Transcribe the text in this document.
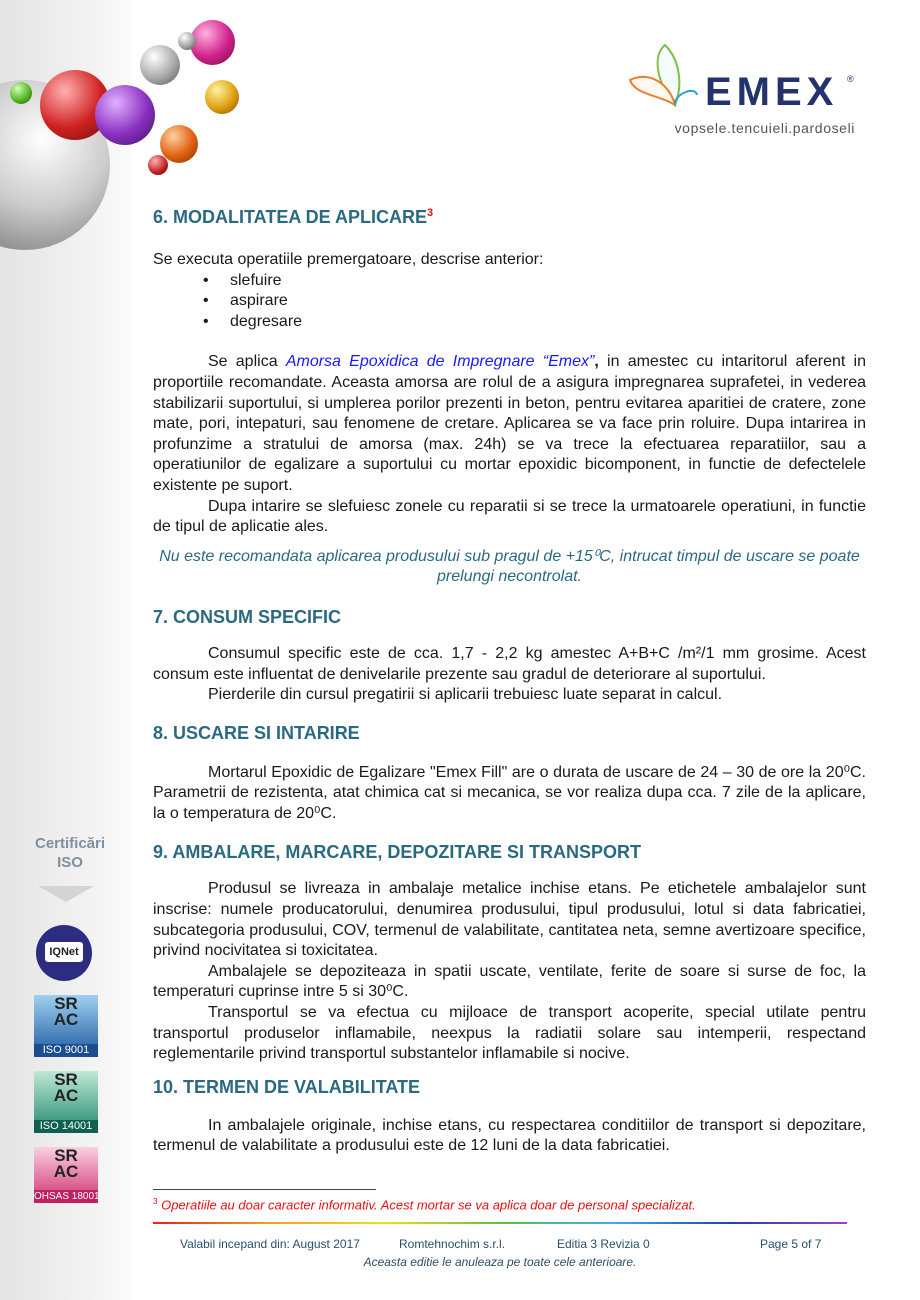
EMEX ®
vopsele.tencuieli.pardoseli
Certificări
ISO
IQNet
SR AC
ISO 9001
SR AC
ISO 14001
SR AC
OHSAS 18001
6. MODALITATEA DE APLICARE$^3$
Se executa operatiile premergatoare, descrise anterior:
• slefuire
• aspirare
• degresare
Se aplica Amorsa Epoxidica de Impregnare “Emex”, in amestec cu intaritorul aferent in proportiile recomandate. Aceasta amorsa are rolul de a asigura impregnarea suprafetei, in vederea stabilizarii suportului, si umplerea porilor prezenti in beton, pentru evitarea aparitiei de cratere, zone mate, pori, intepaturi, sau fenomene de cretare. Aplicarea se va face prin roluire. Dupa intarirea in profunzime a stratului de amorsa (max. 24h) se va trece la efectuarea reparatiilor, sau a operatiunilor de egalizare a suportului cu mortar epoxidic bicomponent, in functie de defectelele existente pe suport.
Dupa intarire se slefuiesc zonele cu reparatii si se trece la urmatoarele operatiuni, in functie de tipul de aplicatie ales.
Nu este recomandata aplicarea produsului sub pragul de +15⁰C, intrucat timpul de uscare se poate prelungi necontrolat.
7. CONSUM SPECIFIC
Consumul specific este de cca. 1,7 - 2,2 kg amestec A+B+C /m²/1 mm grosime. Acest consum este influentat de denivelarile prezente sau gradul de deteriorare al suportului.
Pierderile din cursul pregatirii si aplicarii trebuiesc luate separat in calcul.
8. USCARE SI INTARIRE
Mortarul Epoxidic de Egalizare "Emex Fill" are o durata de uscare de 24 – 30 de ore la 20⁰C. Parametrii de rezistenta, atat chimica cat si mecanica, se vor realiza dupa cca. 7 zile de la aplicare, la o temperatura de 20⁰C.
9. AMBALARE, MARCARE, DEPOZITARE SI TRANSPORT
Produsul se livreaza in ambalaje metalice inchise etans. Pe etichetele ambalajelor sunt inscrise: numele producatorului, denumirea produsului, tipul produsului, lotul si data fabricatiei, subcategoria produsului, COV, termenul de valabilitate, cantitatea neta, semne avertizoare specifice, privind nocivitatea si toxicitatea.
Ambalajele se depoziteaza in spatii uscate, ventilate, ferite de soare si surse de foc, la temperaturi cuprinse intre 5 si 30⁰C.
Transportul se va efectua cu mijloace de transport acoperite, special utilate pentru transportul produselor inflamabile, neexpus la radiatii solare sau intemperii, respectand reglementarile privind transportul substantelor inflamabile si nocive.
10. TERMEN DE VALABILITATE
In ambalajele originale, inchise etans, cu respectarea conditiilor de transport si depozitare, termenul de valabilitate a produsului este de 12 luni de la data fabricatiei.
$^3$ Operatiile au doar caracter informativ. Acest mortar se va aplica doar de personal specializat.
Valabil incepand din: August 2017	Romtehnochim s.r.l.	Editia 3 Revizia 0	Page 5 of 7
Aceasta editie le anuleaza pe toate cele anterioare.
